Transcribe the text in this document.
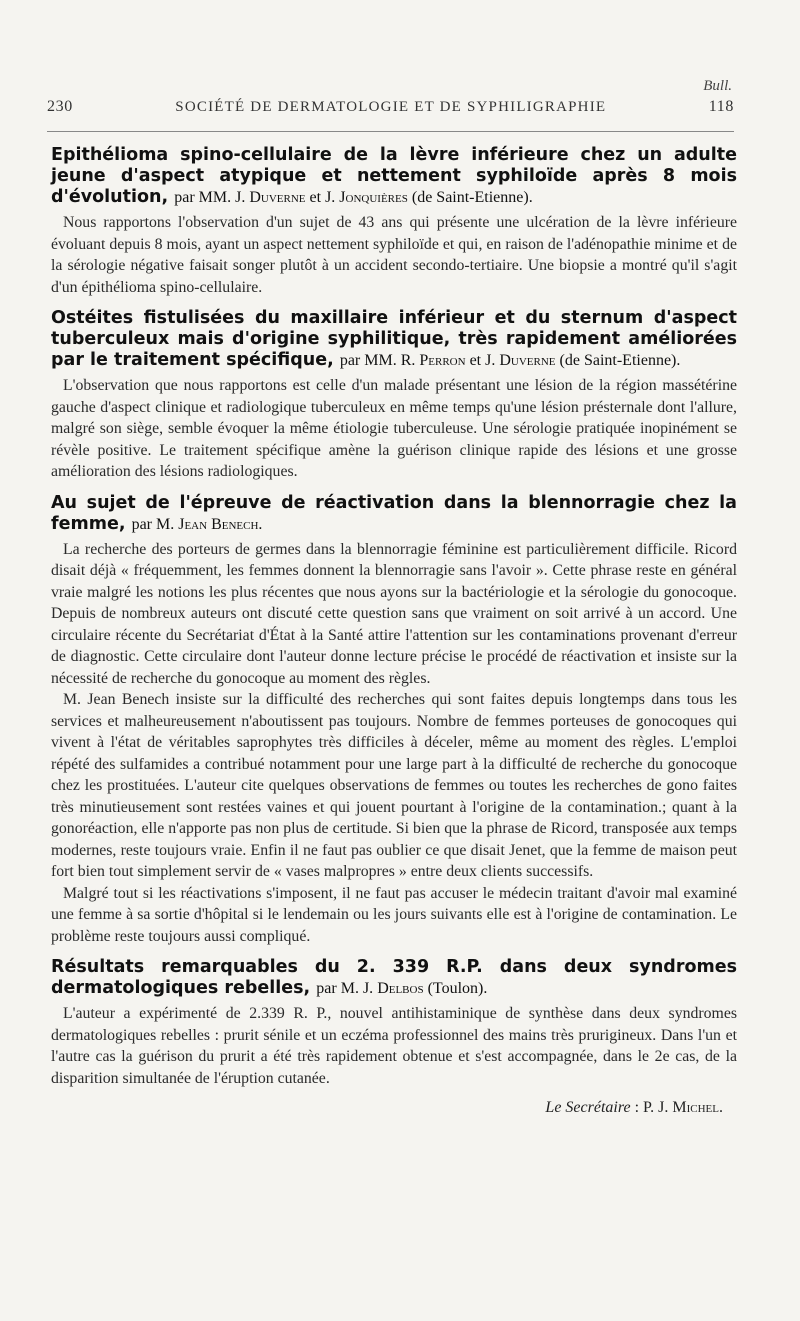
Bull.
230	SOCIÉTÉ DE DERMATOLOGIE ET DE SYPHILIGRAPHIE	118

Epithélioma spino-cellulaire de la lèvre inférieure chez un adulte jeune d'aspect atypique et nettement syphiloïde après 8 mois d'évolution, par MM. J. Duverne et J. Jonquières (de Saint-Etienne).

Nous rapportons l'observation d'un sujet de 43 ans qui présente une ulcération de la lèvre inférieure évoluant depuis 8 mois, ayant un aspect nettement syphiloïde et qui, en raison de l'adénopathie minime et de la sérologie négative faisait songer plutôt à un accident secondo-tertiaire. Une biopsie a montré qu'il s'agit d'un épithélioma spino-cellulaire.

Ostéites fistulisées du maxillaire inférieur et du sternum d'aspect tuberculeux mais d'origine syphilitique, très rapidement améliorées par le traitement spécifique, par MM. R. Perron et J. Duverne (de Saint-Etienne).

L'observation que nous rapportons est celle d'un malade présentant une lésion de la région massétérine gauche d'aspect clinique et radiologique tuberculeux en même temps qu'une lésion présternale dont l'allure, malgré son siège, semble évoquer la même étiologie tuberculeuse. Une sérologie pratiquée inopinément se révèle positive. Le traitement spécifique amène la guérison clinique rapide des lésions et une grosse amélioration des lésions radiologiques.

Au sujet de l'épreuve de réactivation dans la blennorragie chez la femme, par M. Jean Benech.

La recherche des porteurs de germes dans la blennorragie féminine est particulièrement difficile. Ricord disait déjà « fréquemment, les femmes donnent la blennorragie sans l'avoir ». Cette phrase reste en général vraie malgré les notions les plus récentes que nous ayons sur la bactériologie et la sérologie du gonocoque. Depuis de nombreux auteurs ont discuté cette question sans que vraiment on soit arrivé à un accord. Une circulaire récente du Secrétariat d'État à la Santé attire l'attention sur les contaminations provenant d'erreur de diagnostic. Cette circulaire dont l'auteur donne lecture précise le procédé de réactivation et insiste sur la nécessité de recherche du gonocoque au moment des règles.

M. Jean Benech insiste sur la difficulté des recherches qui sont faites depuis longtemps dans tous les services et malheureusement n'aboutissent pas toujours. Nombre de femmes porteuses de gonocoques qui vivent à l'état de véritables saprophytes très difficiles à déceler, même au moment des règles. L'emploi répété des sulfamides a contribué notamment pour une large part à la difficulté de recherche du gonocoque chez les prostituées. L'auteur cite quelques observations de femmes ou toutes les recherches de gono faites très minutieusement sont restées vaines et qui jouent pourtant à l'origine de la contamination.; quant à la gonoréaction, elle n'apporte pas non plus de certitude. Si bien que la phrase de Ricord, transposée aux temps modernes, reste toujours vraie. Enfin il ne faut pas oublier ce que disait Jenet, que la femme de maison peut fort bien tout simplement servir de « vases malpropres » entre deux clients successifs.

Malgré tout si les réactivations s'imposent, il ne faut pas accuser le médecin traitant d'avoir mal examiné une femme à sa sortie d'hôpital si le lendemain ou les jours suivants elle est à l'origine de contamination. Le problème reste toujours aussi compliqué.

Résultats remarquables du 2. 339 R.P. dans deux syndromes dermatologiques rebelles, par M. J. Delbos (Toulon).

L'auteur a expérimenté de 2.339 R. P., nouvel antihistaminique de synthèse dans deux syndromes dermatologiques rebelles : prurit sénile et un eczéma professionnel des mains très prurigineux. Dans l'un et l'autre cas la guérison du prurit a été très rapidement obtenue et s'est accompagnée, dans le 2e cas, de la disparition simultanée de l'éruption cutanée.

Le Secrétaire : P. J. Michel.
